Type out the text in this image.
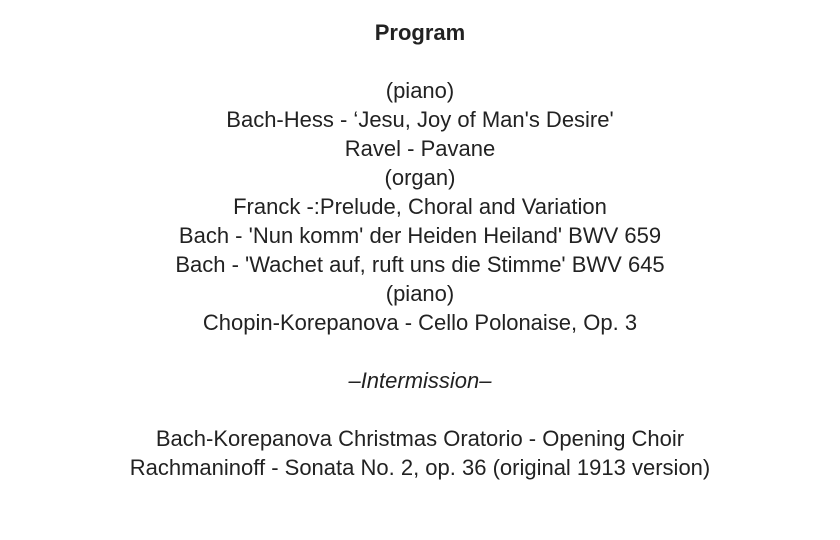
Program
(piano)
Bach-Hess - ‘Jesu, Joy of Man's Desire'
Ravel - Pavane
(organ)
Franck -:Prelude, Choral and Variation
Bach - 'Nun komm' der Heiden Heiland' BWV 659
Bach - 'Wachet auf, ruft uns die Stimme' BWV 645
(piano)
Chopin-Korepanova - Cello Polonaise, Op. 3
–Intermission–
Bach-Korepanova Christmas Oratorio - Opening Choir
Rachmaninoff - Sonata No. 2, op. 36 (original 1913 version)
